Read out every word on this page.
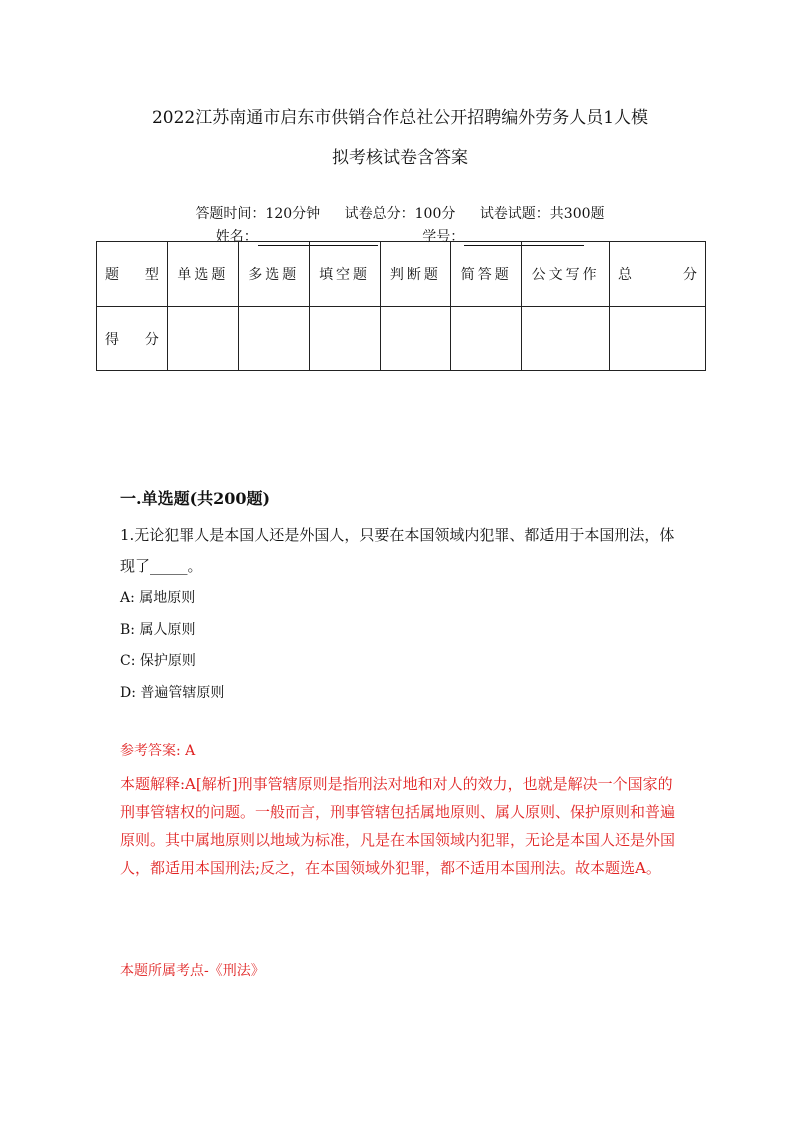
2022江苏南通市启东市供销合作总社公开招聘编外劳务人员1人模
拟考核试卷含答案
答题时间：120分钟 试卷总分：100分 试卷试题：共300题
姓名：	学号：
题 型	单选题	多选题	填空题	判断题	简答题	公文写作	总 分

得 分							

一.单选题(共200题)
1.无论犯罪人是本国人还是外国人，只要在本国领域内犯罪、都适用于本国刑法，体现了_____。
A: 属地原则
B: 属人原则
C: 保护原则
D: 普遍管辖原则
参考答案: A
本题解释:A[解析]刑事管辖原则是指刑法对地和对人的效力，也就是解决一个国家的刑事管辖权的问题。一般而言，刑事管辖包括属地原则、属人原则、保护原则和普遍原则。其中属地原则以地域为标准，凡是在本国领域内犯罪，无论是本国人还是外国人，都适用本国刑法;反之，在本国领域外犯罪，都不适用本国刑法。故本题选A。
本题所属考点-《刑法》
